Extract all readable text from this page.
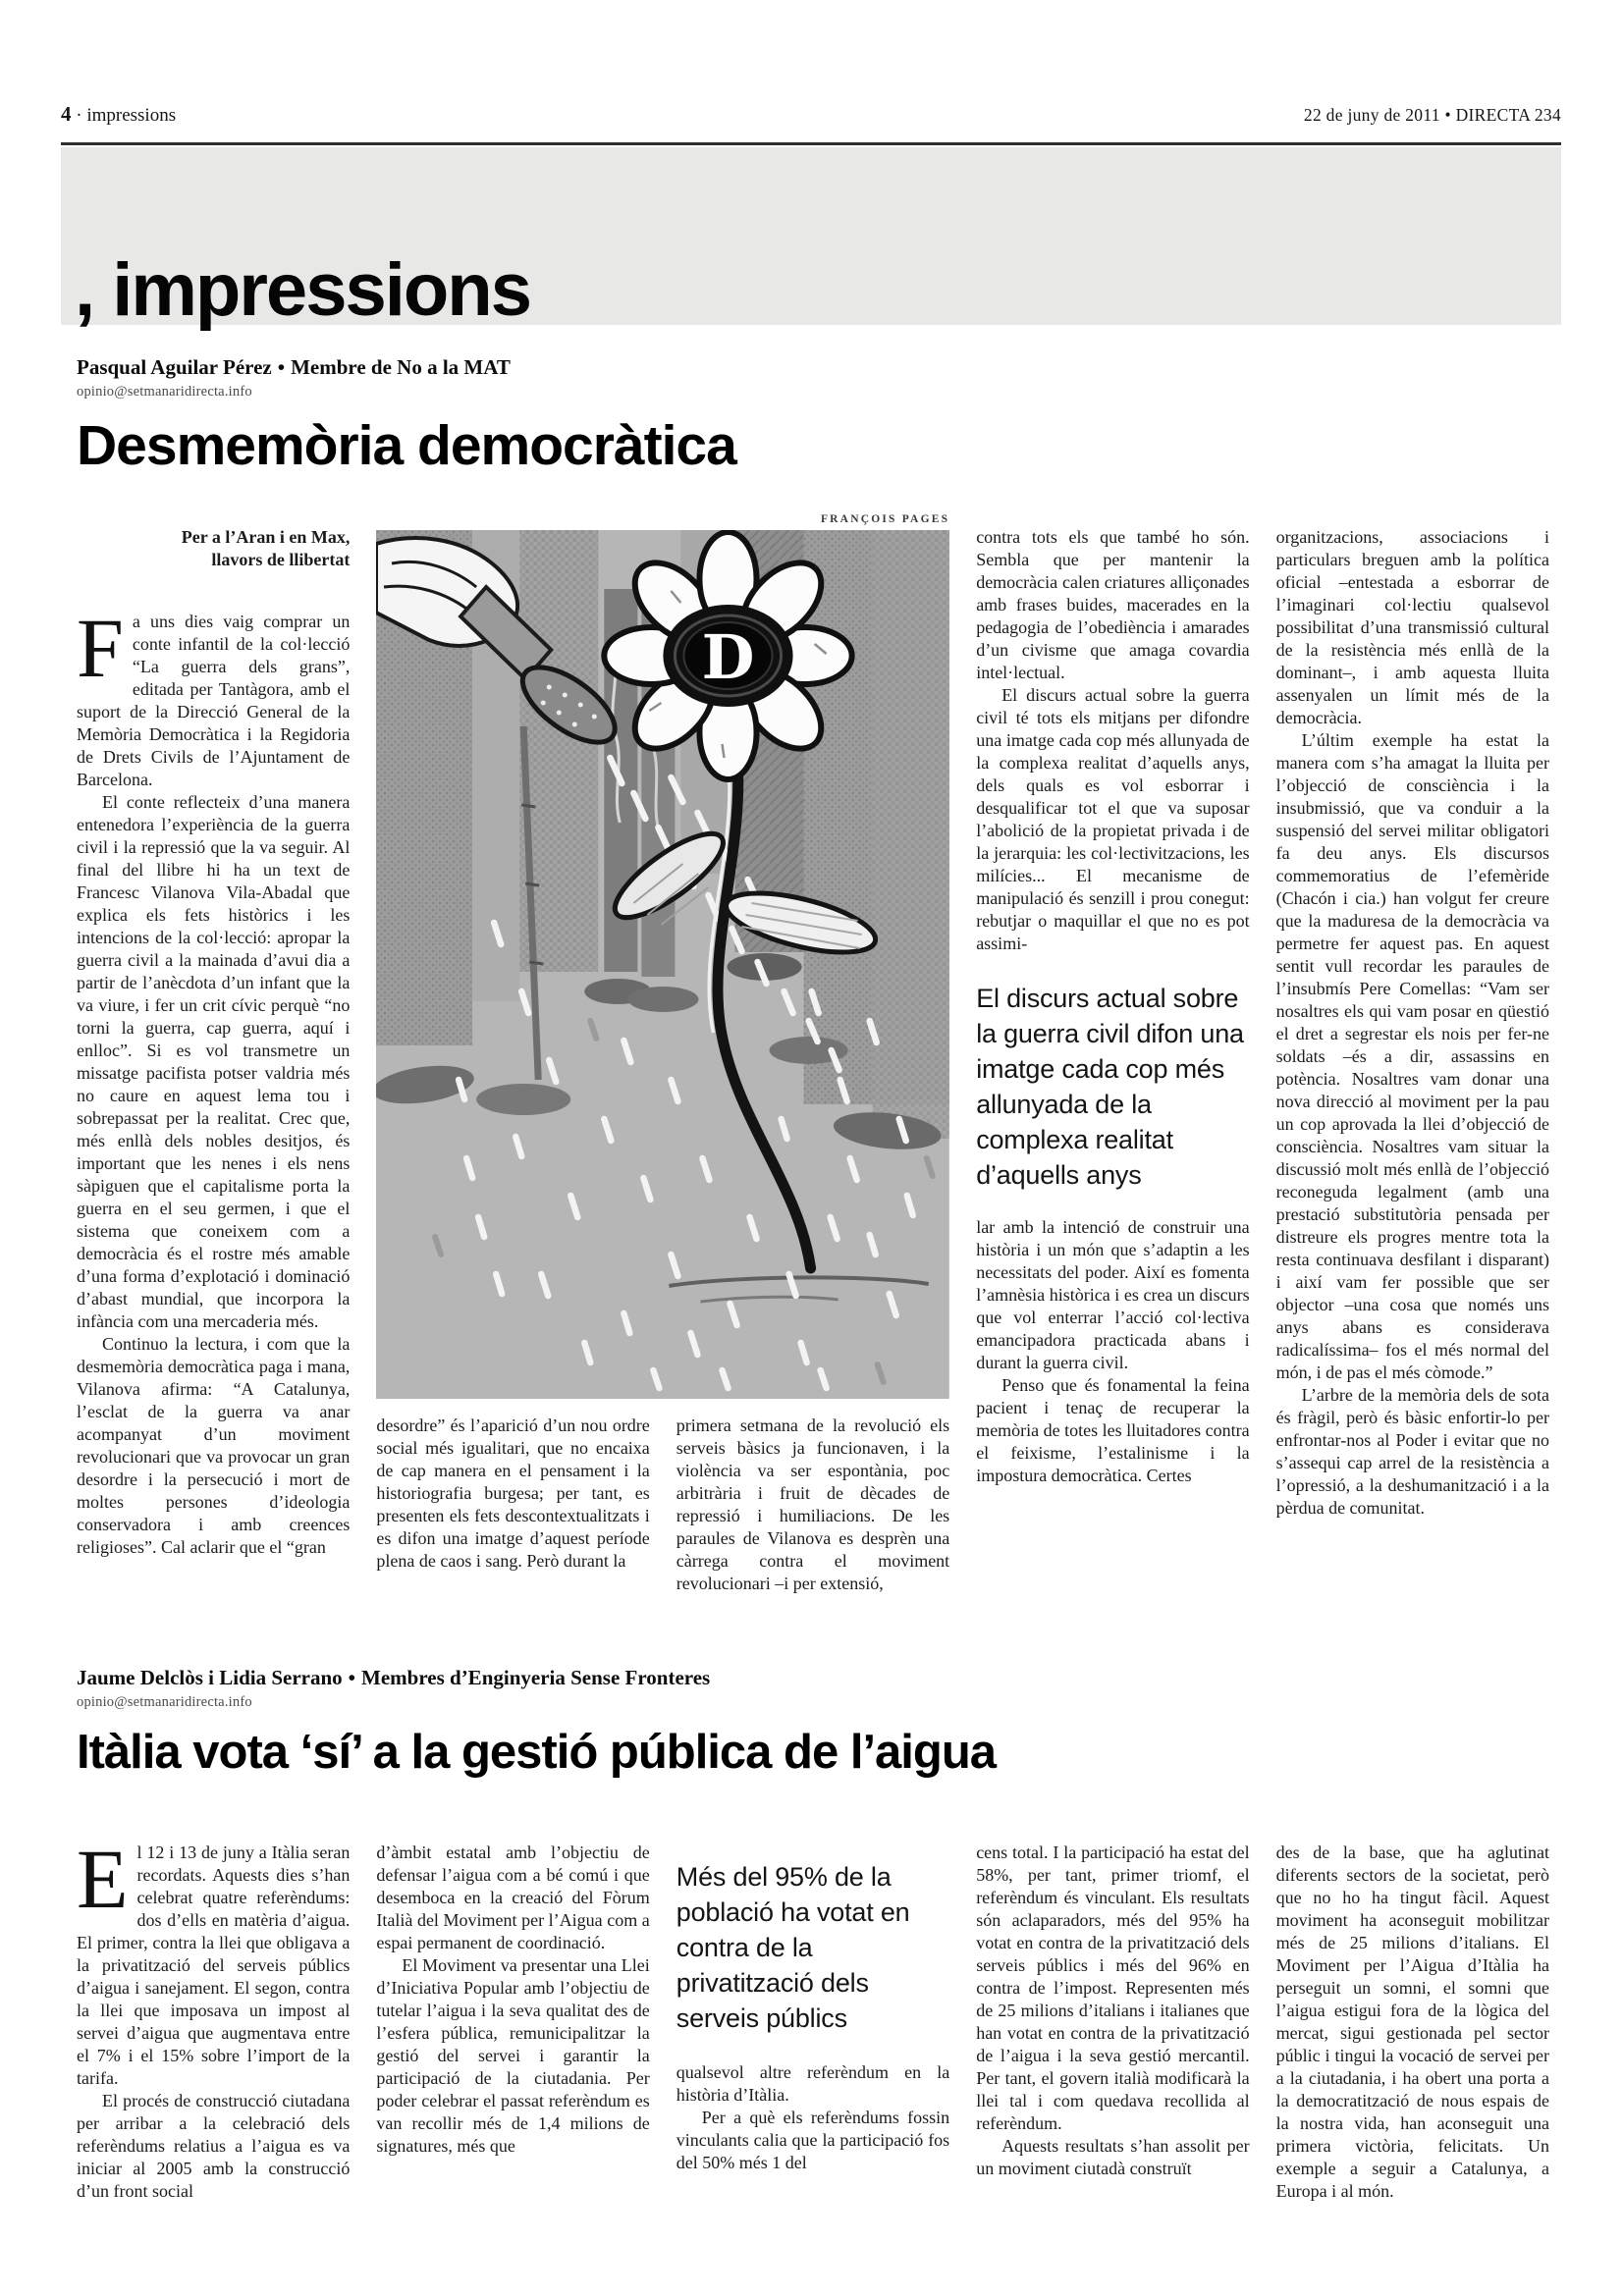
4 · impressions	22 de juny de 2011 • DIRECTA 234
, impressions
Pasqual Aguilar Pérez • Membre de No a la MAT
opinio@setmanaridirecta.info
Desmemòria democràtica
Per a l’Aran i en Max,
llavors de llibertat

Fa uns dies vaig comprar un conte infantil de la col·lecció “La guerra dels grans”, editada per Tantàgora, amb el suport de la Direcció General de la Memòria Democràtica i la Regidoria de Drets Civils de l’Ajuntament de Barcelona.

El conte reflecteix d’una manera entenedora l’experiència de la guerra civil i la repressió que la va seguir. Al final del llibre hi ha un text de Francesc Vilanova Vila-Abadal que explica els fets històrics i les intencions de la col·lecció: apropar la guerra civil a la mainada d’avui dia a partir de l’anècdota d’un infant que la va viure, i fer un crit cívic perquè “no torni la guerra, cap guerra, aquí i enlloc”. Si es vol transmetre un missatge pacifista potser valdria més no caure en aquest lema tou i sobrepassat per la realitat. Crec que, més enllà dels nobles desitjos, és important que les nenes i els nens sàpiguen que el capitalisme porta la guerra en el seu germen, i que el sistema que coneixem com a democràcia és el rostre més amable d’una forma d’explotació i dominació d’abast mundial, que incorpora la infància com una mercaderia més.

Continuo la lectura, i com que la desmemòria democràtica paga i mana, Vilanova afirma: “A Catalunya, l’esclat de la guerra va anar acompanyat d’un moviment revolucionari que va provocar un gran desordre i la persecució i mort de moltes persones d’ideologia conservadora i amb creences religioses”. Cal aclarir que el “gran

FRANÇOIS PAGÈS
D

desordre” és l’aparició d’un nou ordre social més igualitari, que no encaixa de cap manera en el pensament i la historiografia burgesa; per tant, es presenten els fets descontextualitzats i es difon una imatge d’aquest període plena de caos i sang. Però durant la

primera setmana de la revolució els serveis bàsics ja funcionaven, i la violència va ser espontània, poc arbitrària i fruit de dècades de repressió i humiliacions. De les paraules de Vilanova es desprèn una càrrega contra el moviment revolucionari –i per extensió,

contra tots els que també ho són. Sembla que per mantenir la democràcia calen criatures alliçonades amb frases buides, macerades en la pedagogia de l’obediència i amarades d’un civisme que amaga covardia intel·lectual.

El discurs actual sobre la guerra civil té tots els mitjans per difondre una imatge cada cop més allunyada de la complexa realitat d’aquells anys, dels quals es vol esborrar i desqualificar tot el que va suposar l’abolició de la propietat privada i de la jerarquia: les col·lectivitzacions, les milícies... El mecanisme de manipulació és senzill i prou conegut: rebutjar o maquillar el que no es pot assimi-

El discurs actual sobre la guerra civil difon una imatge cada cop més allunyada de la complexa realitat d’aquells anys

lar amb la intenció de construir una història i un món que s’adaptin a les necessitats del poder. Així es fomenta l’amnèsia històrica i es crea un discurs que vol enterrar l’acció col·lectiva emancipadora practicada abans i durant la guerra civil.

Penso que és fonamental la feina pacient i tenaç de recuperar la memòria de totes les lluitadores contra el feixisme, l’estalinisme i la impostura democràtica. Certes

organitzacions, associacions i particulars breguen amb la política oficial –entestada a esborrar de l’imaginari col·lectiu qualsevol possibilitat d’una transmissió cultural de la resistència més enllà de la dominant–, i amb aquesta lluita assenyalen un límit més de la democràcia.

L’últim exemple ha estat la manera com s’ha amagat la lluita per l’objecció de consciència i la insubmissió, que va conduir a la suspensió del servei militar obligatori fa deu anys. Els discursos commemoratius de l’efemèride (Chacón i cia.) han volgut fer creure que la maduresa de la democràcia va permetre fer aquest pas. En aquest sentit vull recordar les paraules de l’insubmís Pere Comellas: “Vam ser nosaltres els qui vam posar en qüestió el dret a segrestar els nois per fer-ne soldats –és a dir, assassins en potència. Nosaltres vam donar una nova direcció al moviment per la pau un cop aprovada la llei d’objecció de consciència. Nosaltres vam situar la discussió molt més enllà de l’objecció reconeguda legalment (amb una prestació substitutòria pensada per distreure els progres mentre tota la resta continuava desfilant i disparant) i així vam fer possible que ser objector –una cosa que només uns anys abans es considerava radicalíssima– fos el més normal del món, i de pas el més còmode.”

L’arbre de la memòria dels de sota és fràgil, però és bàsic enfortir-lo per enfrontar-nos al Poder i evitar que no s’assequi cap arrel de la resistència a l’opressió, a la deshumanització i a la pèrdua de comunitat.

Jaume Delclòs i Lidia Serrano • Membres d’Enginyeria Sense Fronteres
opinio@setmanaridirecta.info
Itàlia vota ‘sí’ a la gestió pública de l’aigua

El 12 i 13 de juny a Itàlia seran recordats. Aquests dies s’han celebrat quatre referèndums: dos d’ells en matèria d’aigua. El primer, contra la llei que obligava a la privatització del serveis públics d’aigua i sanejament. El segon, contra la llei que imposava un impost al servei d’aigua que augmentava entre el 7% i el 15% sobre l’import de la tarifa.

El procés de construcció ciutadana per arribar a la celebració dels referèndums relatius a l’aigua es va iniciar al 2005 amb la construcció d’un front social

d’àmbit estatal amb l’objectiu de defensar l’aigua com a bé comú i que desemboca en la creació del Fòrum Italià del Moviment per l’Aigua com a espai permanent de coordinació.

El Moviment va presentar una Llei d’Iniciativa Popular amb l’objectiu de tutelar l’aigua i la seva qualitat des de l’esfera pública, remunicipalitzar la gestió del servei i garantir la participació de la ciutadania. Per poder celebrar el passat referèndum es van recollir més de 1,4 milions de signatures, més que

Més del 95% de la població ha votat en contra de la privatització dels serveis públics

qualsevol altre referèndum en la història d’Itàlia.

Per a què els referèndums fossin vinculants calia que la participació fos del 50% més 1 del

cens total. I la participació ha estat del 58%, per tant, primer triomf, el referèndum és vinculant. Els resultats són aclaparadors, més del 95% ha votat en contra de la privatització dels serveis públics i més del 96% en contra de l’impost. Representen més de 25 milions d’italians i italianes que han votat en contra de la privatització de l’aigua i la seva gestió mercantil. Per tant, el govern italià modificarà la llei tal i com quedava recollida al referèndum.

Aquests resultats s’han assolit per un moviment ciutadà construït

des de la base, que ha aglutinat diferents sectors de la societat, però que no ho ha tingut fàcil. Aquest moviment ha aconseguit mobilitzar més de 25 milions d’italians. El Moviment per l’Aigua d’Itàlia ha perseguit un somni, el somni que l’aigua estigui fora de la lògica del mercat, sigui gestionada pel sector públic i tingui la vocació de servei per a la ciutadania, i ha obert una porta a la democratització de nous espais de la nostra vida, han aconseguit una primera victòria, felicitats. Un exemple a seguir a Catalunya, a Europa i al món.
